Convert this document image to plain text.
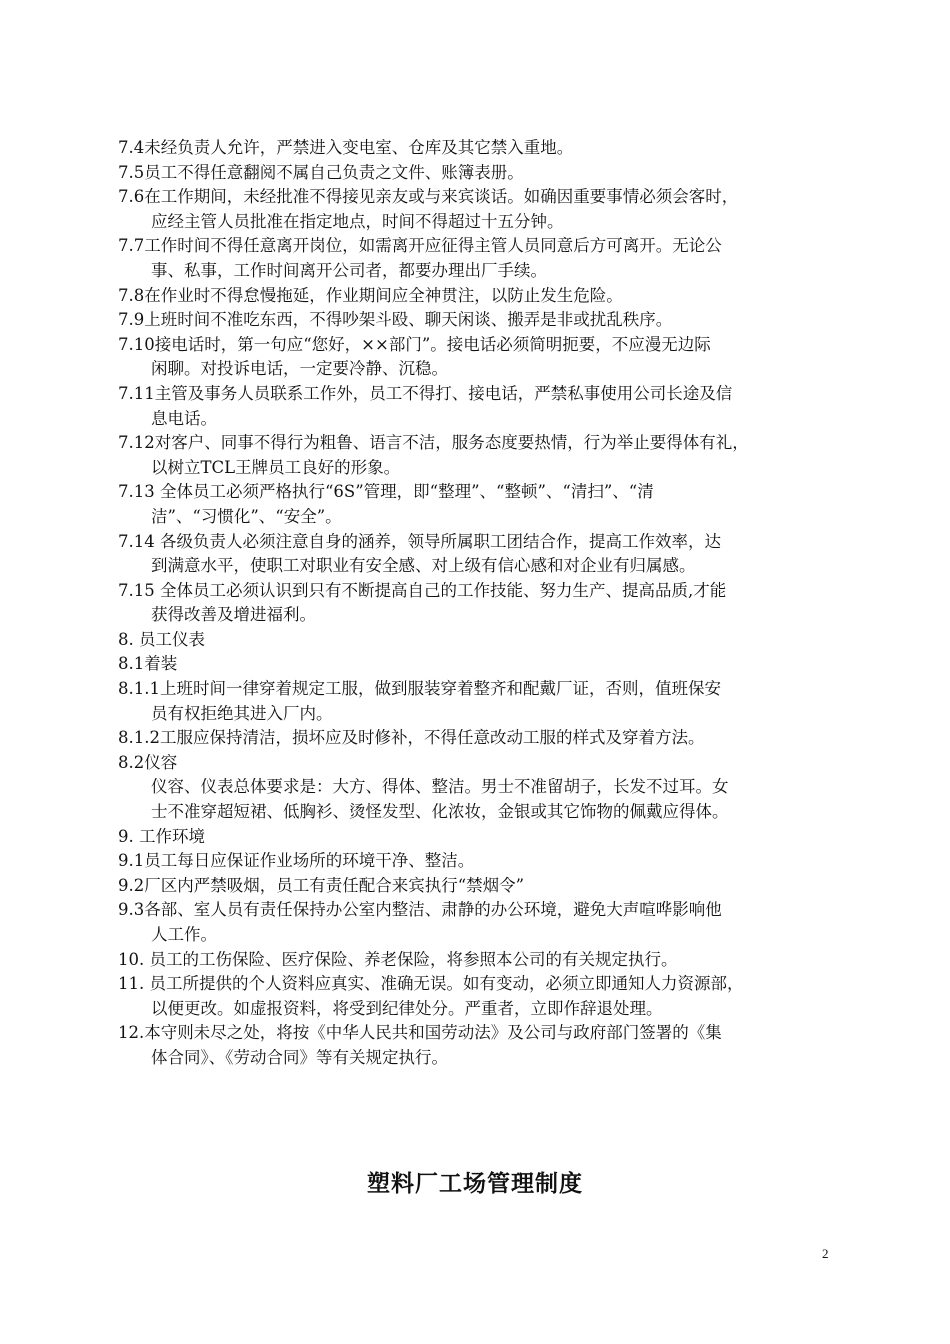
7.4未经负责人允许，严禁进入变电室、仓库及其它禁入重地。

7.5员工不得任意翻阅不属自己负责之文件、账簿表册。

7.6在工作期间，未经批准不得接见亲友或与来宾谈话。如确因重要事情必须会客时，

应经主管人员批准在指定地点，时间不得超过十五分钟。

7.7工作时间不得任意离开岗位，如需离开应征得主管人员同意后方可离开。无论公

事、私事，工作时间离开公司者，都要办理出厂手续。

7.8在作业时不得怠慢拖延，作业期间应全神贯注，以防止发生危险。

7.9上班时间不准吃东西，不得吵架斗殴、聊天闲谈、搬弄是非或扰乱秩序。

7.10接电话时，第一句应“您好，××部门”。接电话必须简明扼要，不应漫无边际

闲聊。对投诉电话，一定要冷静、沉稳。

7.11主管及事务人员联系工作外，员工不得打、接电话，严禁私事使用公司长途及信

息电话。

7.12对客户、同事不得行为粗鲁、语言不洁，服务态度要热情，行为举止要得体有礼，

以树立TCL王牌员工良好的形象。

7.13 全体员工必须严格执行“6S”管理，即“整理”、“整顿”、“清扫”、“清

洁”、“习惯化”、“安全”。

7.14 各级负责人必须注意自身的涵养，领导所属职工团结合作，提高工作效率，达

到满意水平，使职工对职业有安全感、对上级有信心感和对企业有归属感。

7.15 全体员工必须认识到只有不断提高自己的工作技能、努力生产、提高品质,才能

获得改善及增进福利。

8. 员工仪表

8.1着装

8.1.1上班时间一律穿着规定工服，做到服装穿着整齐和配戴厂证，否则，值班保安

员有权拒绝其进入厂内。

8.1.2工服应保持清洁，损坏应及时修补，不得任意改动工服的样式及穿着方法。

8.2仪容

仪容、仪表总体要求是：大方、得体、整洁。男士不准留胡子，长发不过耳。女

士不准穿超短裙、低胸衫、烫怪发型、化浓妆，金银或其它饰物的佩戴应得体。

9. 工作环境

9.1员工每日应保证作业场所的环境干净、整洁。

9.2厂区内严禁吸烟，员工有责任配合来宾执行“禁烟令”

9.3各部、室人员有责任保持办公室内整洁、肃静的办公环境，避免大声喧哗影响他

人工作。

10. 员工的工伤保险、医疗保险、养老保险，将参照本公司的有关规定执行。

11. 员工所提供的个人资料应真实、准确无误。如有变动，必须立即通知人力资源部，

以便更改。如虚报资料，将受到纪律处分。严重者，立即作辞退处理。

12.本守则未尽之处，将按《中华人民共和国劳动法》及公司与政府部门签署的《集

体合同》、《劳动合同》等有关规定执行。

塑料厂工场管理制度
2
